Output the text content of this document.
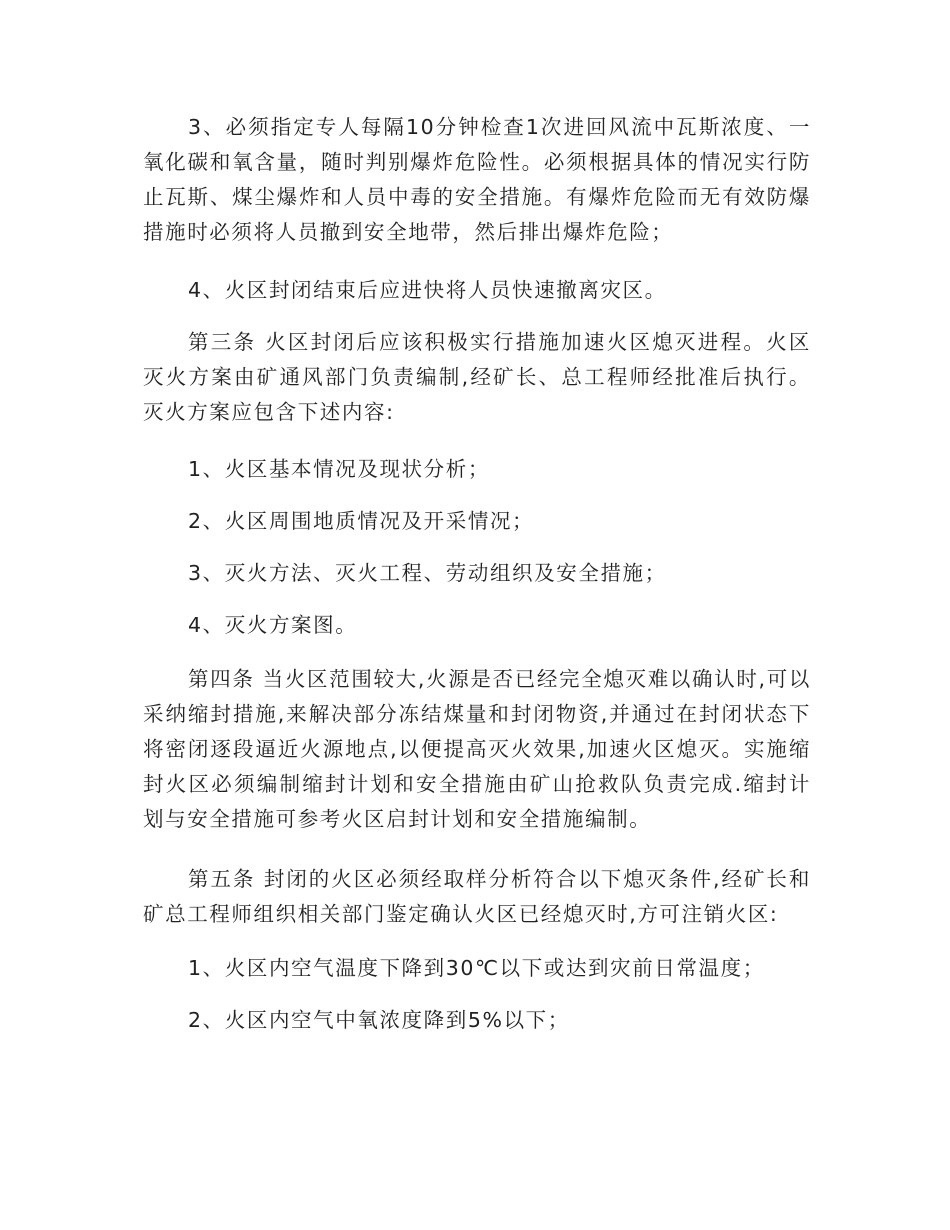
3、必须指定专人每隔10分钟检查1次进回风流中瓦斯浓度、一氧化碳和氧含量，随时判别爆炸危险性。必须根据具体的情况实行防止瓦斯、煤尘爆炸和人员中毒的安全措施。有爆炸危险而无有效防爆措施时必须将人员撤到安全地带，然后排出爆炸危险；

4、火区封闭结束后应进快将人员快速撤离灾区。

第三条 火区封闭后应该积极实行措施加速火区熄灭进程。火区灭火方案由矿通风部门负责编制,经矿长、总工程师经批准后执行。灭火方案应包含下述内容:

1、火区基本情况及现状分析；

2、火区周围地质情况及开采情况；

3、灭火方法、灭火工程、劳动组织及安全措施；

4、灭火方案图。

第四条 当火区范围较大,火源是否已经完全熄灭难以确认时,可以采纳缩封措施,来解决部分冻结煤量和封闭物资,并通过在封闭状态下将密闭逐段逼近火源地点,以便提高灭火效果,加速火区熄灭。实施缩封火区必须编制缩封计划和安全措施由矿山抢救队负责完成.缩封计划与安全措施可参考火区启封计划和安全措施编制。

第五条 封闭的火区必须经取样分析符合以下熄灭条件,经矿长和矿总工程师组织相关部门鉴定确认火区已经熄灭时,方可注销火区:

1、火区内空气温度下降到30℃以下或达到灾前日常温度；

2、火区内空气中氧浓度降到5%以下；
